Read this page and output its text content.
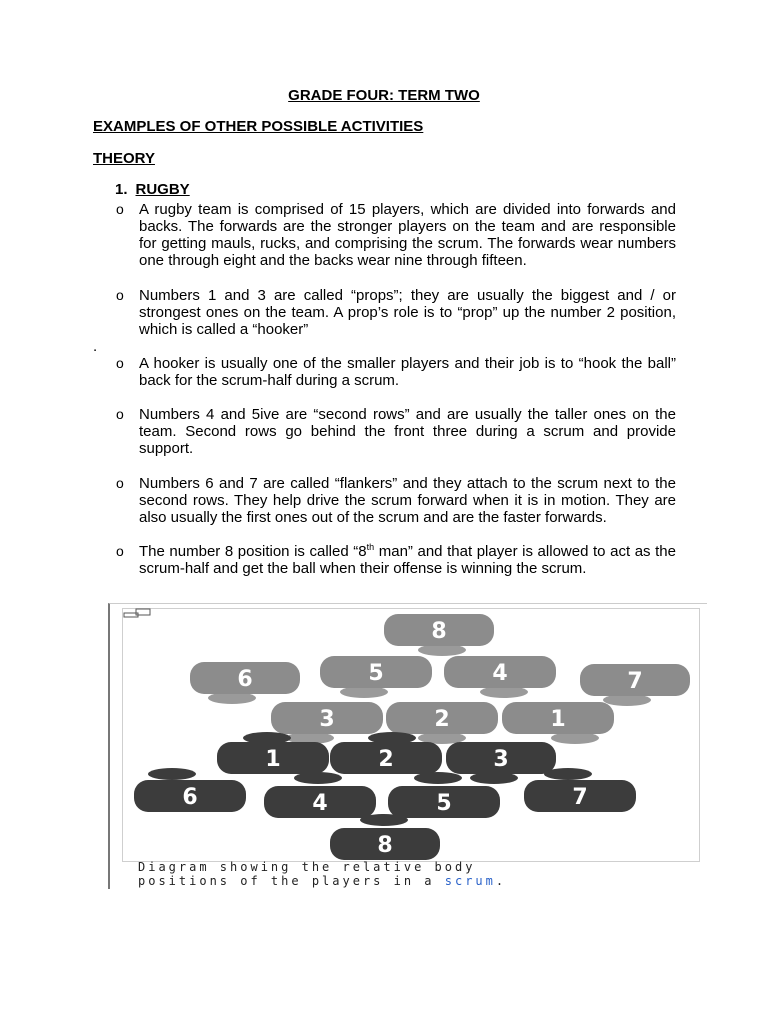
GRADE FOUR: TERM TWO
EXAMPLES OF OTHER POSSIBLE ACTIVITIES
THEORY
1. RUGBY
o A rugby team is comprised of 15 players, which are divided into forwards and backs. The forwards are the stronger players on the team and are responsible for getting mauls, rucks, and comprising the scrum. The forwards wear numbers one through eight and the backs wear nine through fifteen.
o Numbers 1 and 3 are called “props”; they are usually the biggest and / or strongest ones on the team. A prop’s role is to “prop” up the number 2 position, which is called a “hooker”
.
o A hooker is usually one of the smaller players and their job is to “hook the ball” back for the scrum-half during a scrum.
o Numbers 4 and 5ive are “second rows” and are usually the taller ones on the team. Second rows go behind the front three during a scrum and provide support.
o Numbers 6 and 7 are called “flankers” and they attach to the scrum next to the second rows. They help drive the scrum forward when it is in motion. They are also usually the first ones out of the scrum and are the faster forwards.
o The number 8 position is called “8th man” and that player is allowed to act as the scrum-half and get the ball when their offense is winning the scrum.
8
6	5	4	7
3	2	1
1	2	3
6	4	5	7
8
Diagram showing the relative body
positions of the players in a scrum.
